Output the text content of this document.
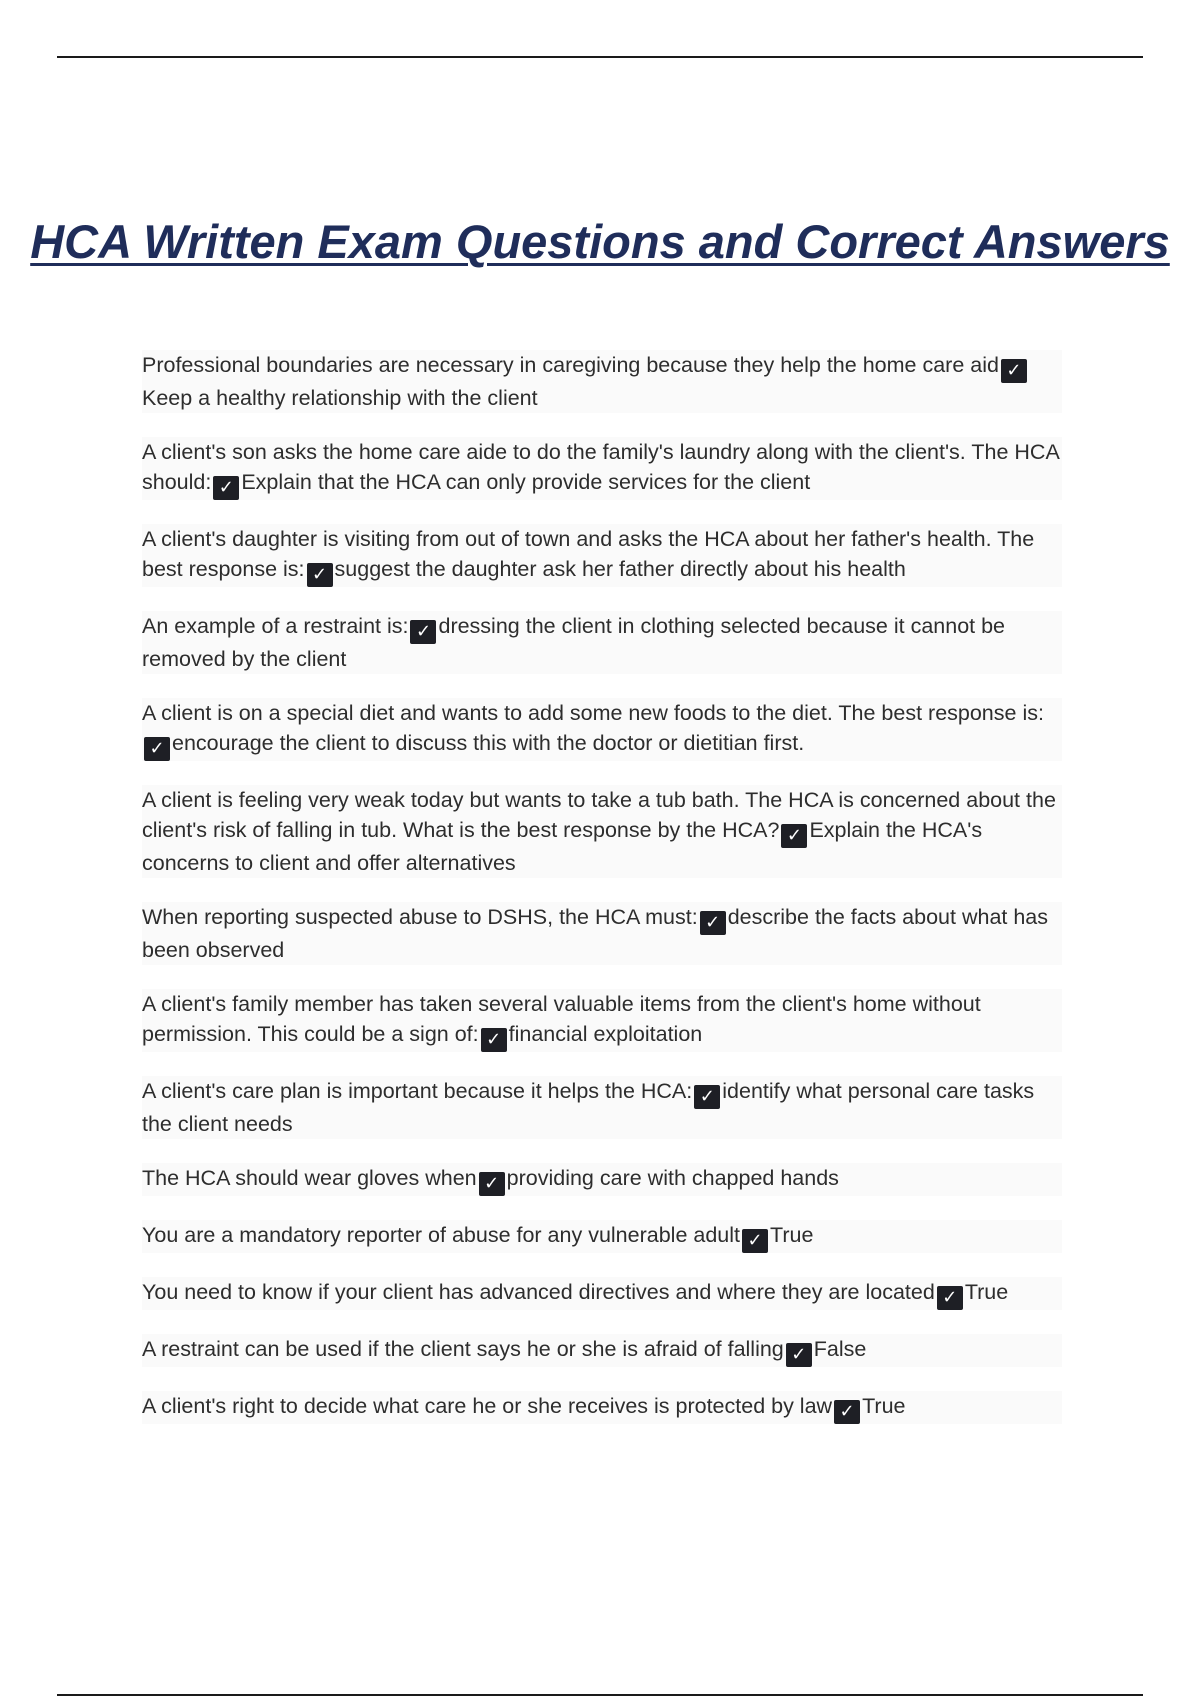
HCA Written Exam Questions and Correct Answers

Professional boundaries are necessary in caregiving because they help the home care aid ✓Keep a healthy relationship with the client

A client's son asks the home care aide to do the family's laundry along with the client's. The HCA should: ✓ Explain that the HCA can only provide services for the client

A client's daughter is visiting from out of town and asks the HCA about her father's health. The best response is: ✓ suggest the daughter ask her father directly about his health

An example of a restraint is: ✓ dressing the client in clothing selected because it cannot be removed by the client

A client is on a special diet and wants to add some new foods to the diet. The best response is:✓ encourage the client to discuss this with the doctor or dietitian first.

A client is feeling very weak today but wants to take a tub bath. The HCA is concerned about the client's risk of falling in tub. What is the best response by the HCA? ✓ Explain the HCA's concerns to client and offer alternatives

When reporting suspected abuse to DSHS, the HCA must: ✓ describe the facts about what has been observed

A client's family member has taken several valuable items from the client's home without permission. This could be a sign of: ✓ financial exploitation

A client's care plan is important because it helps the HCA: ✓ identify what personal care tasks the client needs

The HCA should wear gloves when ✓ providing care with chapped hands

You are a mandatory reporter of abuse for any vulnerable adult ✓ True

You need to know if your client has advanced directives and where they are located ✓ True

A restraint can be used if the client says he or she is afraid of falling ✓ False

A client's right to decide what care he or she receives is protected by law ✓ True
